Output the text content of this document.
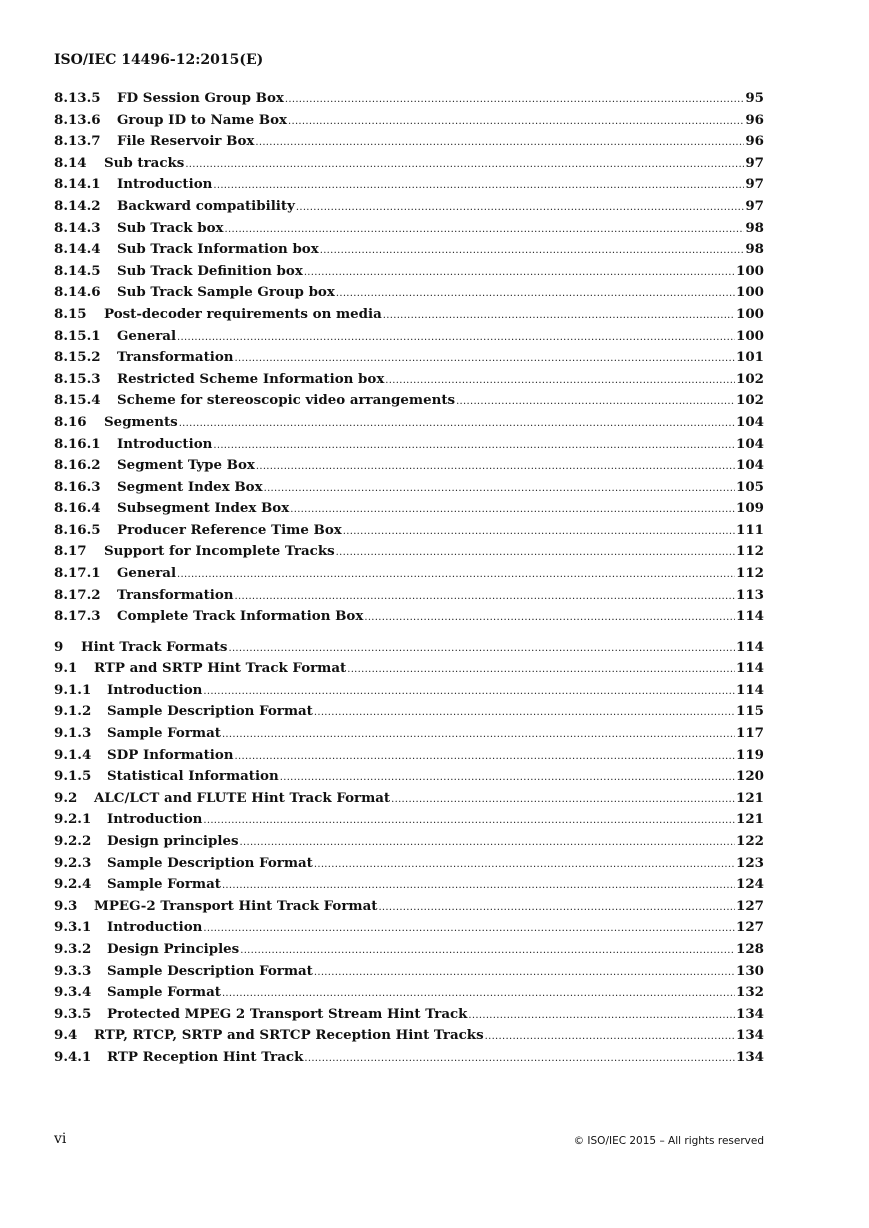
ISO/IEC 14496-12:2015(E)
8.13.5	FD Session Group Box .....	95
8.13.6	Group ID to Name Box .....	96
8.13.7	File Reservoir Box .....	96
8.14	Sub tracks .....	97
8.14.1	Introduction .....	97
8.14.2	Backward compatibility .....	97
8.14.3	Sub Track box .....	98
8.14.4	Sub Track Information box .....	98
8.14.5	Sub Track Definition box .....	100
8.14.6	Sub Track Sample Group box .....	100
8.15	Post-decoder requirements on media .....	100
8.15.1	General .....	100
8.15.2	Transformation .....	101
8.15.3	Restricted Scheme Information box .....	102
8.15.4	Scheme for stereoscopic video arrangements .....	102
8.16	Segments .....	104
8.16.1	Introduction .....	104
8.16.2	Segment Type Box .....	104
8.16.3	Segment Index Box .....	105
8.16.4	Subsegment Index Box .....	109
8.16.5	Producer Reference Time Box .....	111
8.17	Support for Incomplete Tracks .....	112
8.17.1	General .....	112
8.17.2	Transformation .....	113
8.17.3	Complete Track Information Box .....	114
9	Hint Track Formats .....	114
9.1	RTP and SRTP Hint Track Format .....	114
9.1.1	Introduction .....	114
9.1.2	Sample Description Format .....	115
9.1.3	Sample Format .....	117
9.1.4	SDP Information .....	119
9.1.5	Statistical Information .....	120
9.2	ALC/LCT and FLUTE Hint Track Format .....	121
9.2.1	Introduction .....	121
9.2.2	Design principles .....	122
9.2.3	Sample Description Format .....	123
9.2.4	Sample Format .....	124
9.3	MPEG-2 Transport Hint Track Format .....	127
9.3.1	Introduction .....	127
9.3.2	Design Principles .....	128
9.3.3	Sample Description Format .....	130
9.3.4	Sample Format .....	132
9.3.5	Protected MPEG 2 Transport Stream Hint Track .....	134
9.4	RTP, RTCP, SRTP and SRTCP Reception Hint Tracks .....	134
9.4.1	RTP Reception Hint Track .....	134
vi	© ISO/IEC 2015 – All rights reserved
